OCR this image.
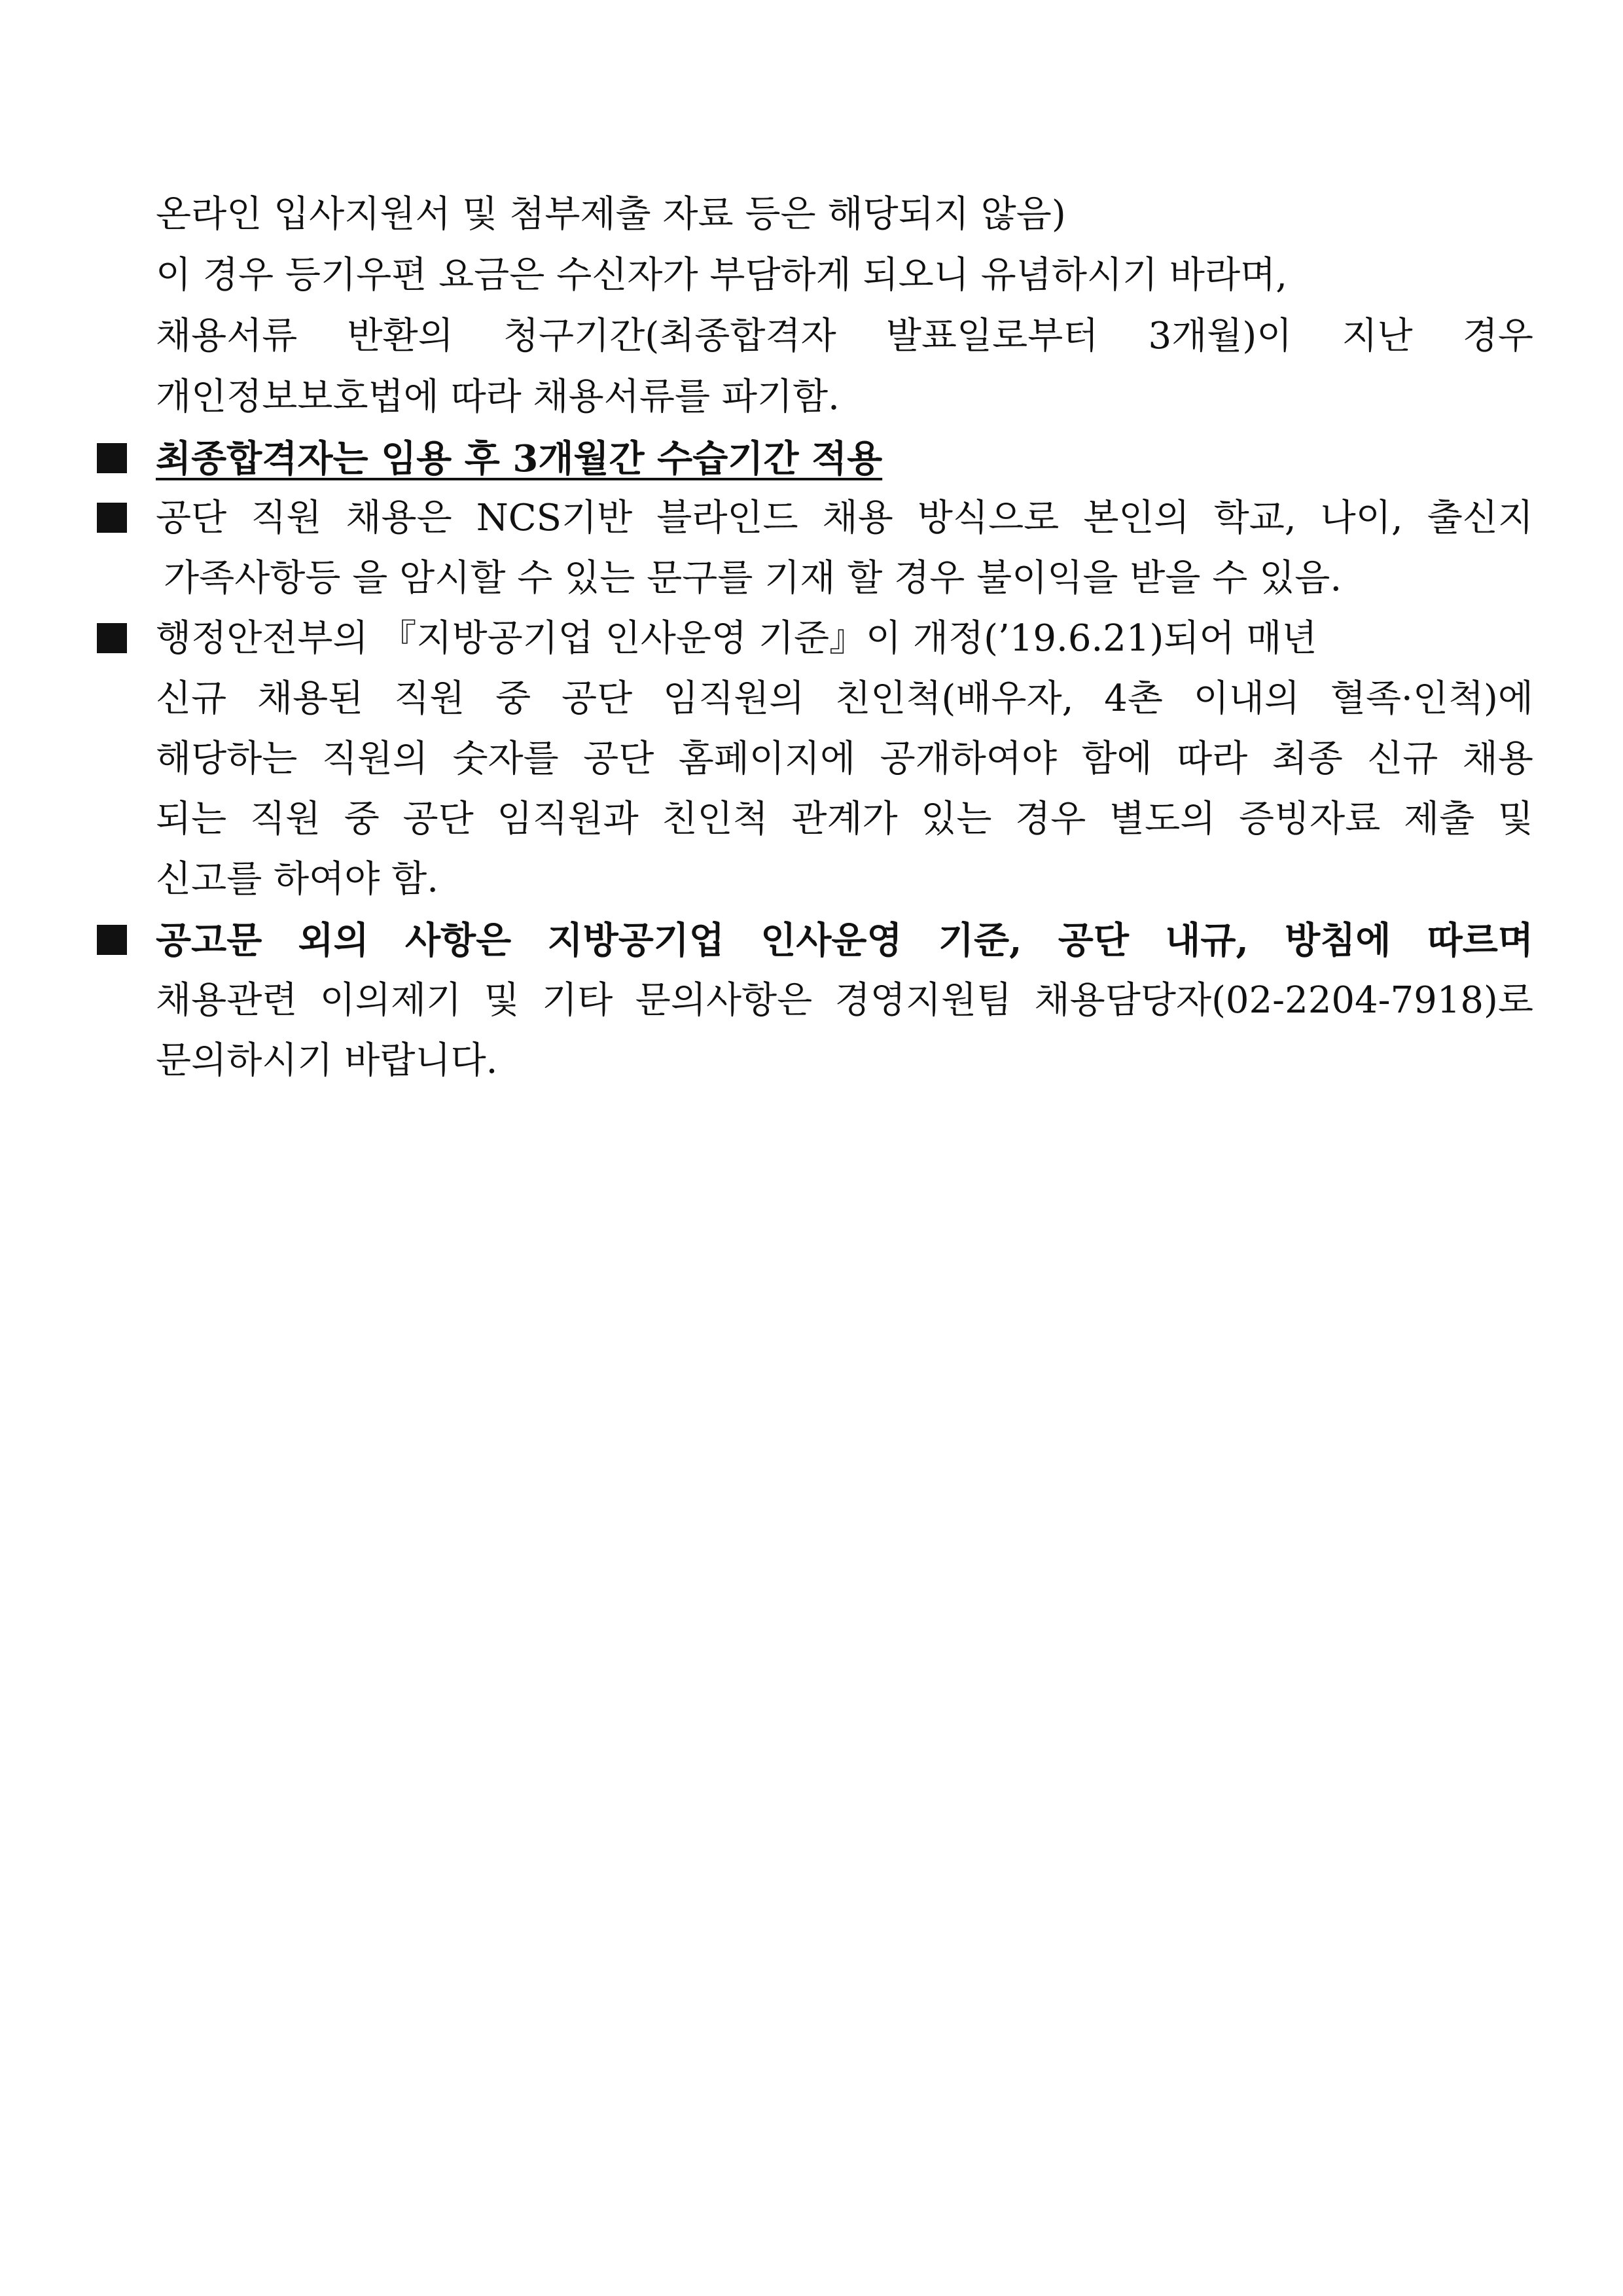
온라인 입사지원서 및 첨부제출 자료 등은 해당되지 않음)
이 경우 등기우편 요금은 수신자가 부담하게 되오니 유념하시기 바라며,
채용서류 반환의 청구기간(최종합격자 발표일로부터 3개월)이 지난 경우
개인정보보호법에 따라 채용서류를 파기함.
최종합격자는 임용 후 3개월간 수습기간 적용
공단 직원 채용은 NCS기반 블라인드 채용 방식으로 본인의 학교, 나이, 출신지
가족사항등 을 암시할 수 있는 문구를 기재 할 경우 불이익을 받을 수 있음.
행정안전부의 『지방공기업 인사운영 기준』이 개정(’19.6.21)되어 매년
신규 채용된 직원 중 공단 임직원의 친인척(배우자, 4촌 이내의 혈족·인척)에
해당하는 직원의 숫자를 공단 홈페이지에 공개하여야 함에 따라 최종 신규 채용
되는 직원 중 공단 임직원과 친인척 관계가 있는 경우 별도의 증빙자료 제출 및
신고를 하여야 함.
공고문 외의 사항은 지방공기업 인사운영 기준, 공단 내규, 방침에 따르며
채용관련 이의제기 및 기타 문의사항은 경영지원팀 채용담당자(02-2204-7918)로
문의하시기 바랍니다.
